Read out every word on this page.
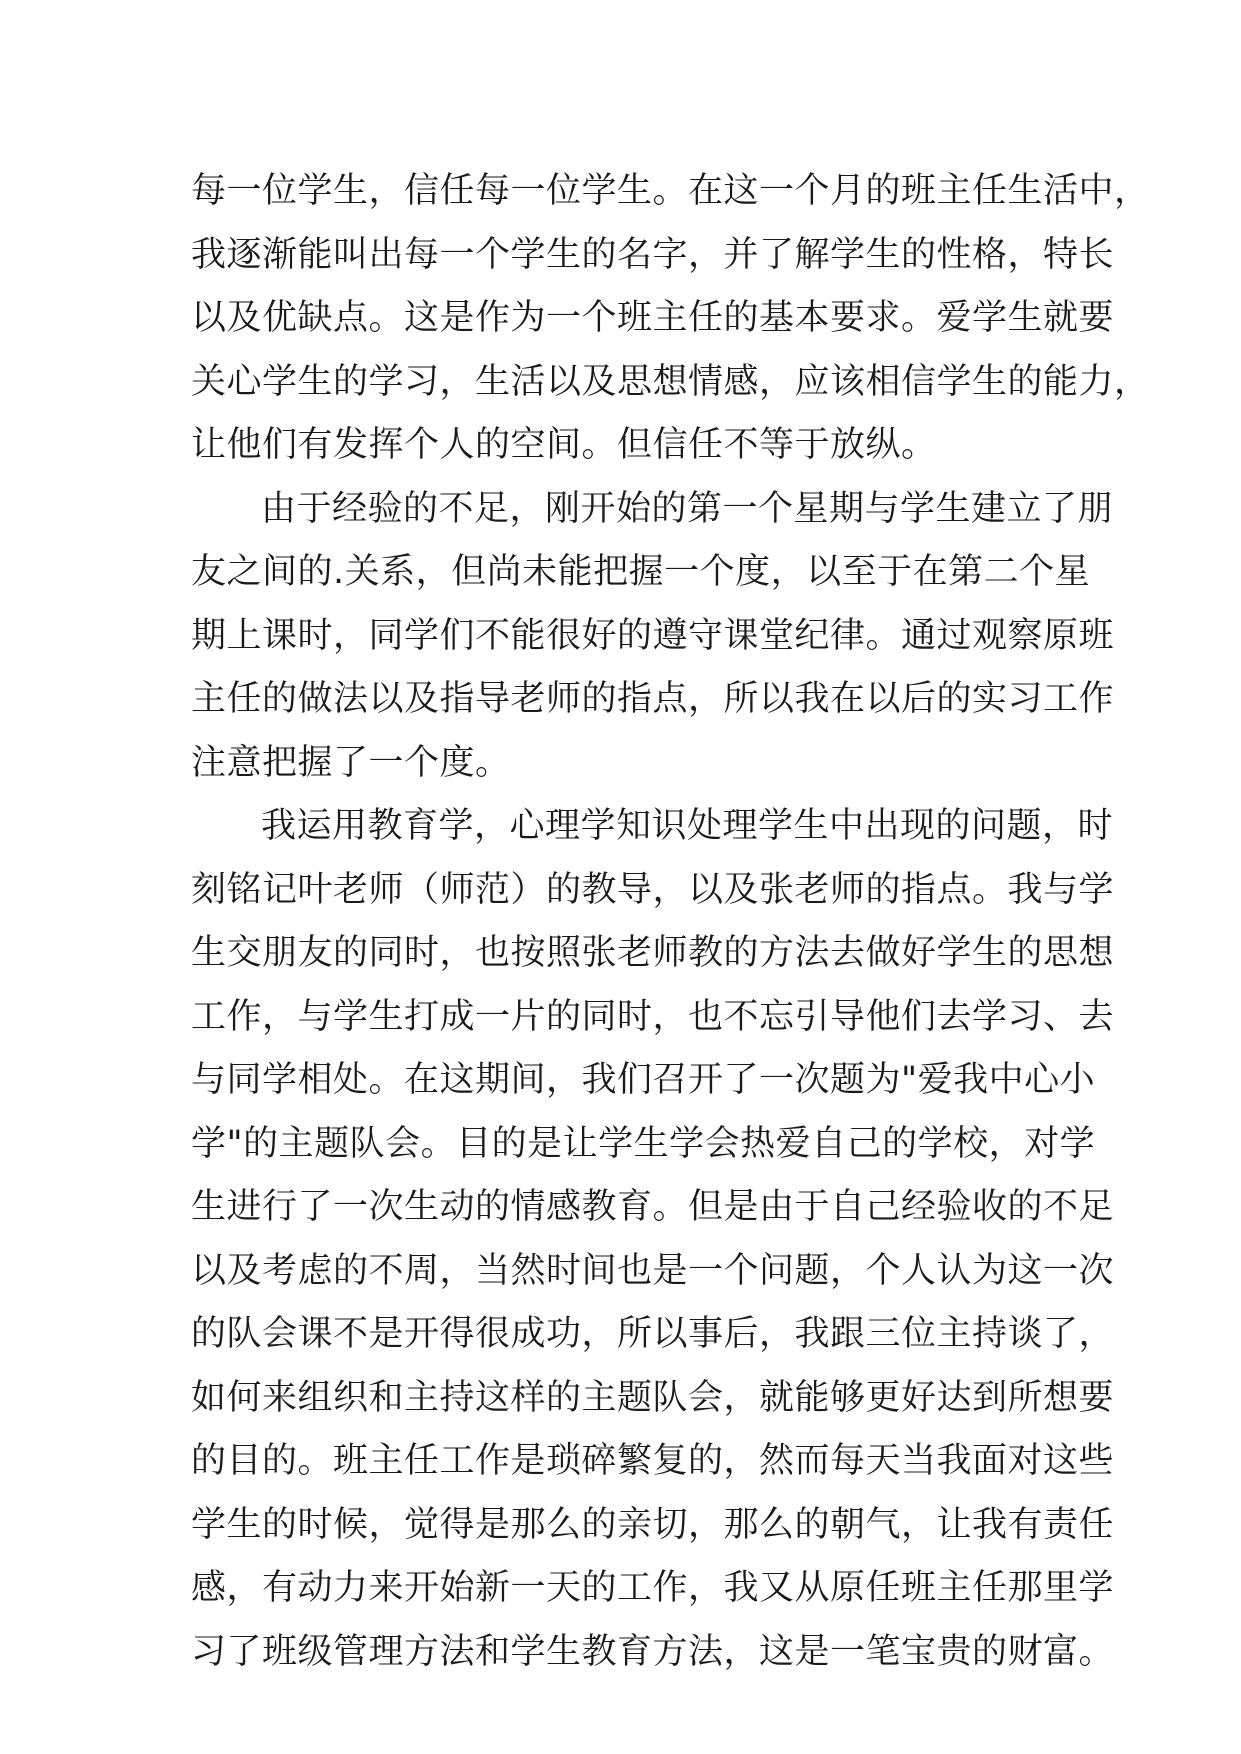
每一位学生，信任每一位学生。在这一个月的班主任生活中，
我逐渐能叫出每一个学生的名字，并了解学生的性格，特长
以及优缺点。这是作为一个班主任的基本要求。爱学生就要
关心学生的学习，生活以及思想情感，应该相信学生的能力，
让他们有发挥个人的空间。但信任不等于放纵。
由于经验的不足，刚开始的第一个星期与学生建立了朋
友之间的.关系，但尚未能把握一个度，以至于在第二个星
期上课时，同学们不能很好的遵守课堂纪律。通过观察原班
主任的做法以及指导老师的指点，所以我在以后的实习工作
注意把握了一个度。
我运用教育学，心理学知识处理学生中出现的问题，时
刻铭记叶老师（师范）的教导，以及张老师的指点。我与学
生交朋友的同时，也按照张老师教的方法去做好学生的思想
工作，与学生打成一片的同时，也不忘引导他们去学习、去
与同学相处。在这期间，我们召开了一次题为"爱我中心小
学"的主题队会。目的是让学生学会热爱自己的学校，对学
生进行了一次生动的情感教育。但是由于自己经验收的不足
以及考虑的不周，当然时间也是一个问题，个人认为这一次
的队会课不是开得很成功，所以事后，我跟三位主持谈了，
如何来组织和主持这样的主题队会，就能够更好达到所想要
的目的。班主任工作是琐碎繁复的，然而每天当我面对这些
学生的时候，觉得是那么的亲切，那么的朝气，让我有责任
感，有动力来开始新一天的工作，我又从原任班主任那里学
习了班级管理方法和学生教育方法，这是一笔宝贵的财富。
